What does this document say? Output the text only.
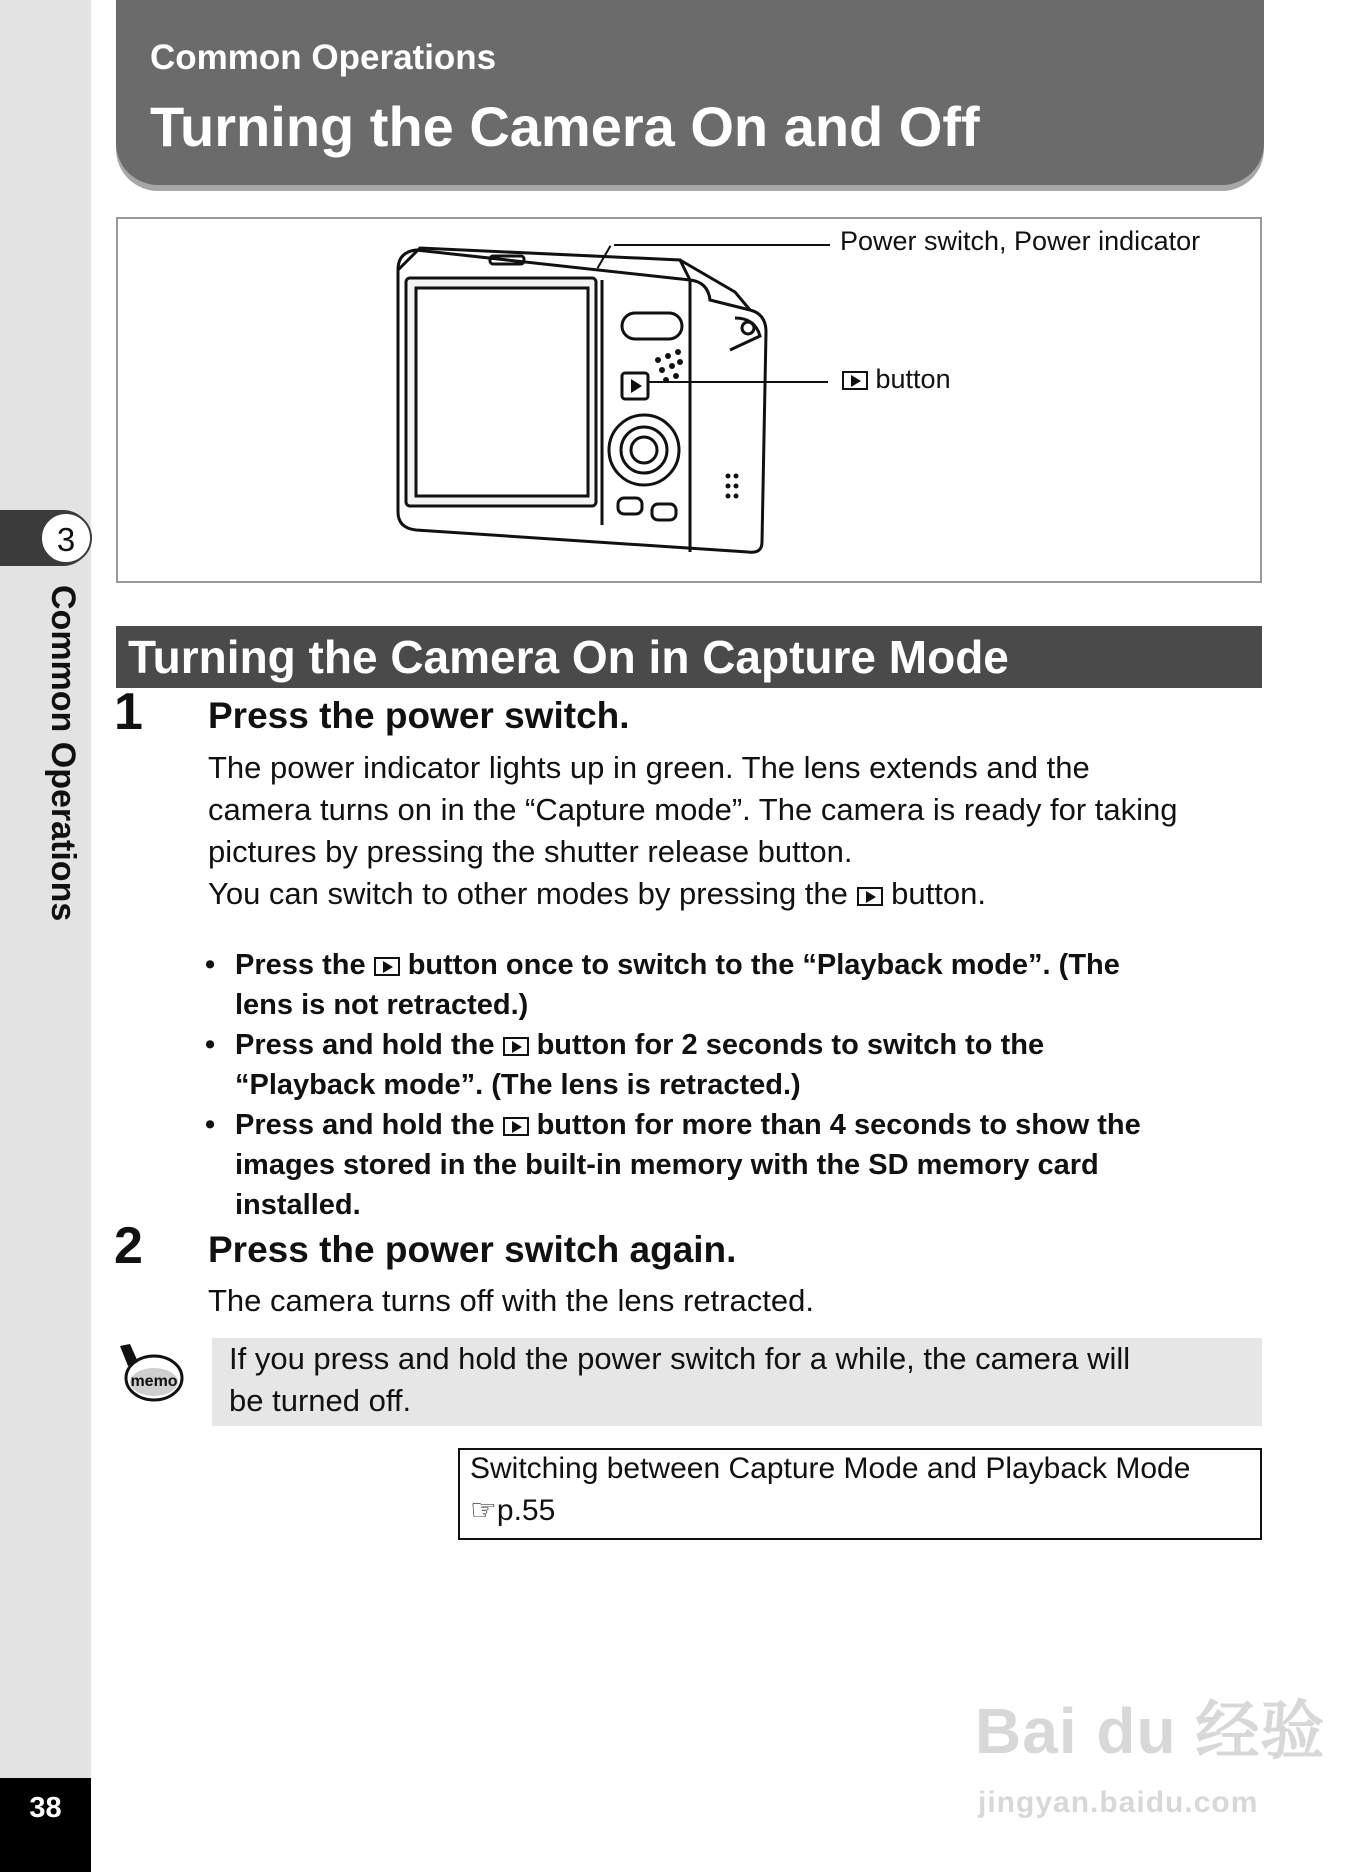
3
Common Operations
38
Common Operations
Turning the Camera On and Off
Power switch, Power indicator
button
Turning the Camera On in Capture Mode
1 Press the power switch.
The power indicator lights up in green. The lens extends and the
camera turns on in the “Capture mode”. The camera is ready for taking
pictures by pressing the shutter release button.
You can switch to other modes by pressing the button.
• Press the button once to switch to the “Playback mode”. (The
lens is not retracted.)
• Press and hold the button for 2 seconds to switch to the
“Playback mode”. (The lens is retracted.)
• Press and hold the button for more than 4 seconds to show the
images stored in the built-in memory with the SD memory card
installed.
2 Press the power switch again.
The camera turns off with the lens retracted.
memo
If you press and hold the power switch for a while, the camera will
be turned off.
Switching between Capture Mode and Playback Mode
☞p.55
Bai du 经验
jingyan.baidu.com
